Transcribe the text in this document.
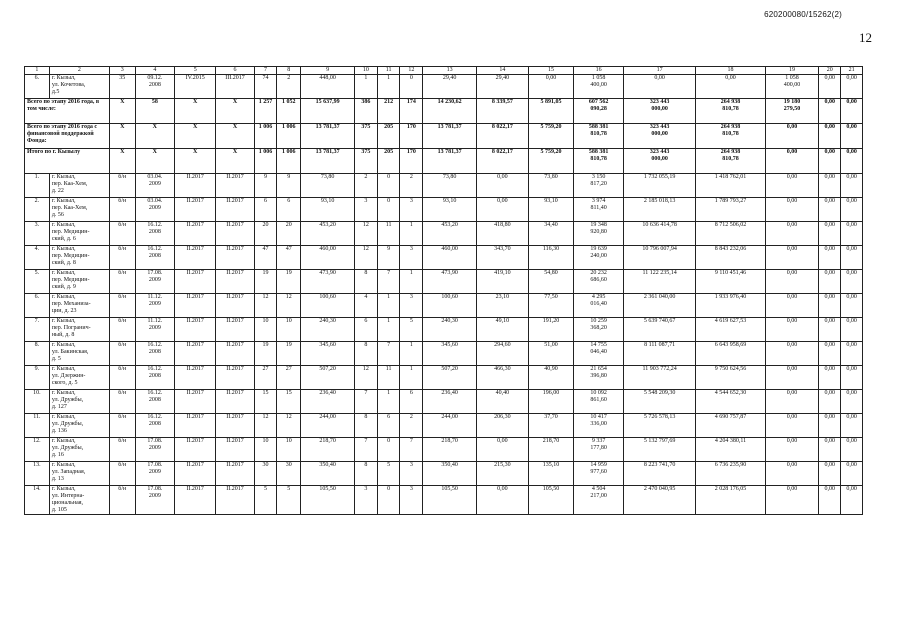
620200080/15262(2)
12
1	2	3	4	5	6	7	8	9	10	11	12	13	14	15	16	17	18	19	20	21
6.	г. Кызыл,
ул. Кочетова,
д.5	35	09.12.
2008	IV.2015	III.2017	74	2	448,00	1	1	0	29,40	29,40	0,00	1 058
400,00	0,00	0,00	1 058
400,00	0,00	0,00
Всего по этапу 2016 года, в том числе:		X	58	X	X	1 257	1 052	15 637,99	386	212	174	14 230,62	8 339,57	5 891,05	607 562
090,28	323 443
000,00	264 938
810,78	19 180
279,50	0,00	0,00
Всего по этапу 2016 года с финансовой поддержкой Фонда:		X	X	X	X	1 006	1 006	13 781,37	375	205	170	13 781,37	8 022,17	5 759,20	588 381
810,78	323 443
000,00	264 938
810,78	0,00	0,00	0,00
Итого по г. Кызылу		X	X	X	X	1 006	1 006	13 781,37	375	205	170	13 781,37	8 022,17	5 759,20	588 381
810,78	323 443
000,00	264 938
810,78	0,00	0,00	0,00
1.	г. Кызыл,
пер. Каа-Хем,
д. 22	б/н	03.04.
2009	II.2017	II.2017	9	9	73,80	2	0	2	73,80	0,00	73,80	3 150
817,20	1 732 055,19	1 418 762,01	0,00	0,00	0,00
2.	г. Кызыл,
пер. Каа-Хем,
д. 56	б/н	03.04.
2009	II.2017	II.2017	6	6	93,10	3	0	3	93,10	0,00	93,10	3 974
811,40	2 185 018,13	1 789 793,27	0,00	0,00	0,00
3.	г. Кызыл,
пер. Медицин-
ский, д. 6	б/н	16.12.
2008	II.2017	II.2017	20	20	453,20	12	11	1	453,20	418,80	34,40	19 348
920,80	10 636 414,78	8 712 506,02	0,00	0,00	0,00
4.	г. Кызыл,
пер. Медицин-
ский, д. 8	б/н	16.12.
2008	II.2017	II.2017	47	47	460,00	12	9	3	460,00	343,70	116,30	19 639
240,00	10 796 007,94	8 843 232,06	0,00	0,00	0,00
5.	г. Кызыл,
пер. Медицин-
ский, д. 9	б/н	17.08.
2009	II.2017	II.2017	19	19	473,90	8	7	1	473,90	419,10	54,80	20 232
686,60	11 122 235,14	9 110 451,46	0,00	0,00	0,00
6.	г. Кызыл,
пер. Механиза-
ции, д. 23	б/н	11.12.
2009	II.2017	II.2017	12	12	100,60	4	1	3	100,60	23,10	77,50	4 295
016,40	2 361 040,00	1 933 976,40	0,00	0,00	0,00
7.	г. Кызыл,
пер. Погранич-
ный, д. 8	б/н	11.12.
2009	II.2017	II.2017	10	10	240,30	6	1	5	240,30	49,10	191,20	10 259
368,20	5 639 740,67	4 619 627,53	0,00	0,00	0,00
8.	г. Кызыл,
ул. Бакинская,
д. 5	б/н	16.12.
2008	II.2017	II.2017	19	19	345,60	8	7	1	345,60	294,60	51,00	14 755
046,40	8 111 087,71	6 643 958,69	0,00	0,00	0,00
9.	г. Кызыл,
ул. Дзержин-
ского, д. 5	б/н	16.12.
2008	II.2017	II.2017	27	27	507,20	12	11	1	507,20	466,30	40,90	21 654
396,80	11 903 772,24	9 750 624,56	0,00	0,00	0,00
10.	г. Кызыл,
ул. Дружбы,
д. 127	б/н	16.12.
2008	II.2017	II.2017	15	15	236,40	7	1	6	236,40	40,40	196,00	10 092
861,60	5 548 209,30	4 544 652,30	0,00	0,00	0,00
11.	г. Кызыл,
ул. Дружбы,
д. 136	б/н	16.12.
2008	II.2017	II.2017	12	12	244,00	8	6	2	244,00	206,30	37,70	10 417
336,00	5 726 578,13	4 690 757,87	0,00	0,00	0,00
12.	г. Кызыл,
ул. Дружбы,
д. 16	б/н	17.08.
2009	II.2017	II.2017	10	10	218,70	7	0	7	218,70	0,00	218,70	9 337
177,80	5 132 797,69	4 204 380,11	0,00	0,00	0,00
13.	г. Кызыл,
ул. Западная,
д. 13	б/н	17.08.
2009	II.2017	II.2017	30	30	350,40	8	5	3	350,40	215,30	135,10	14 959
977,60	8 223 741,70	6 736 235,90	0,00	0,00	0,00
14.	г. Кызыл,
ул. Интерна-
циональная,
д. 105	б/н	17.08.
2009	II.2017	II.2017	5	5	105,50	3	0	3	105,50	0,00	105,50	4 504
217,00	2 470 040,95	2 028 176,05	0,00	0,00	0,00
